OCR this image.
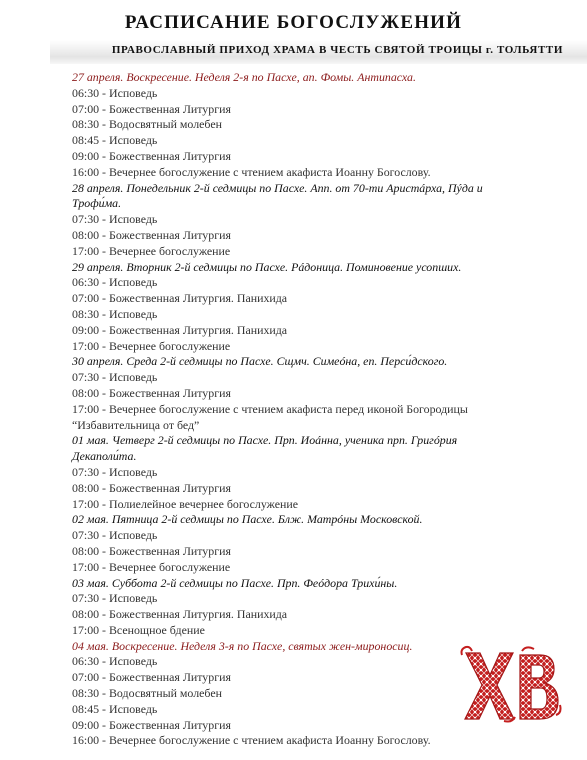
РАСПИСАНИЕ БОГОСЛУЖЕНИЙ
ПРАВОСЛАВНЫЙ ПРИХОД ХРАМА В ЧЕСТЬ СВЯТОЙ ТРОИЦЫ г. ТОЛЬЯТТИ
27 апреля. Воскресение. Неделя 2-я по Пасхе, ап. Фомы. Антипасха.
06:30 - Исповедь
07:00 - Божественная Литургия
08:30 - Водосвятный молебен
08:45 - Исповедь
09:00 - Божественная Литургия
16:00 - Вечернее богослужение с чтением акафиста Иоанну Богослову.
28 апреля. Понедельник 2-й седмицы по Пасхе. Апп. от 70-ти Аристáрха, Пýда и Трофи́ма.
07:30 - Исповедь
08:00 - Божественная Литургия
17:00 - Вечернее богослужение
29 апреля. Вторник 2-й седмицы по Пасхе. Рáдоница. Поминовение усопших.
06:30 - Исповедь
07:00 - Божественная Литургия. Панихида
08:30 - Исповедь
09:00 - Божественная Литургия. Панихида
17:00 - Вечернее богослужение
30 апреля. Среда 2-й седмицы по Пасхе. Сщмч. Симеóна, еп. Перси́дского.
07:30 - Исповедь
08:00 - Божественная Литургия
17:00 - Вечернее богослужение с чтением акафиста перед иконой Богородицы “Избавительница от бед”
01 мая. Четверг 2-й седмицы по Пасхе. Прп. Иоáнна, ученика прп. Григóрия Декаполи́та.
07:30 - Исповедь
08:00 - Божественная Литургия
17:00 - Полиелейное вечернее богослужение
02 мая. Пятница 2-й седмицы по Пасхе. Блж. Матрóны Московской.
07:30 - Исповедь
08:00 - Божественная Литургия
17:00 - Вечернее богослужение
03 мая. Суббота 2-й седмицы по Пасхе. Прп. Феóдора Трихи́ны.
07:30 - Исповедь
08:00 - Божественная Литургия. Панихида
17:00 - Всенощное бдение
04 мая. Воскресение. Неделя 3-я по Пасхе, святых жен-мироносиц.
06:30 - Исповедь
07:00 - Божественная Литургия
08:30 - Водосвятный молебен
08:45 - Исповедь
09:00 - Божественная Литургия
16:00 - Вечернее богослужение с чтением акафиста Иоанну Богослову.
